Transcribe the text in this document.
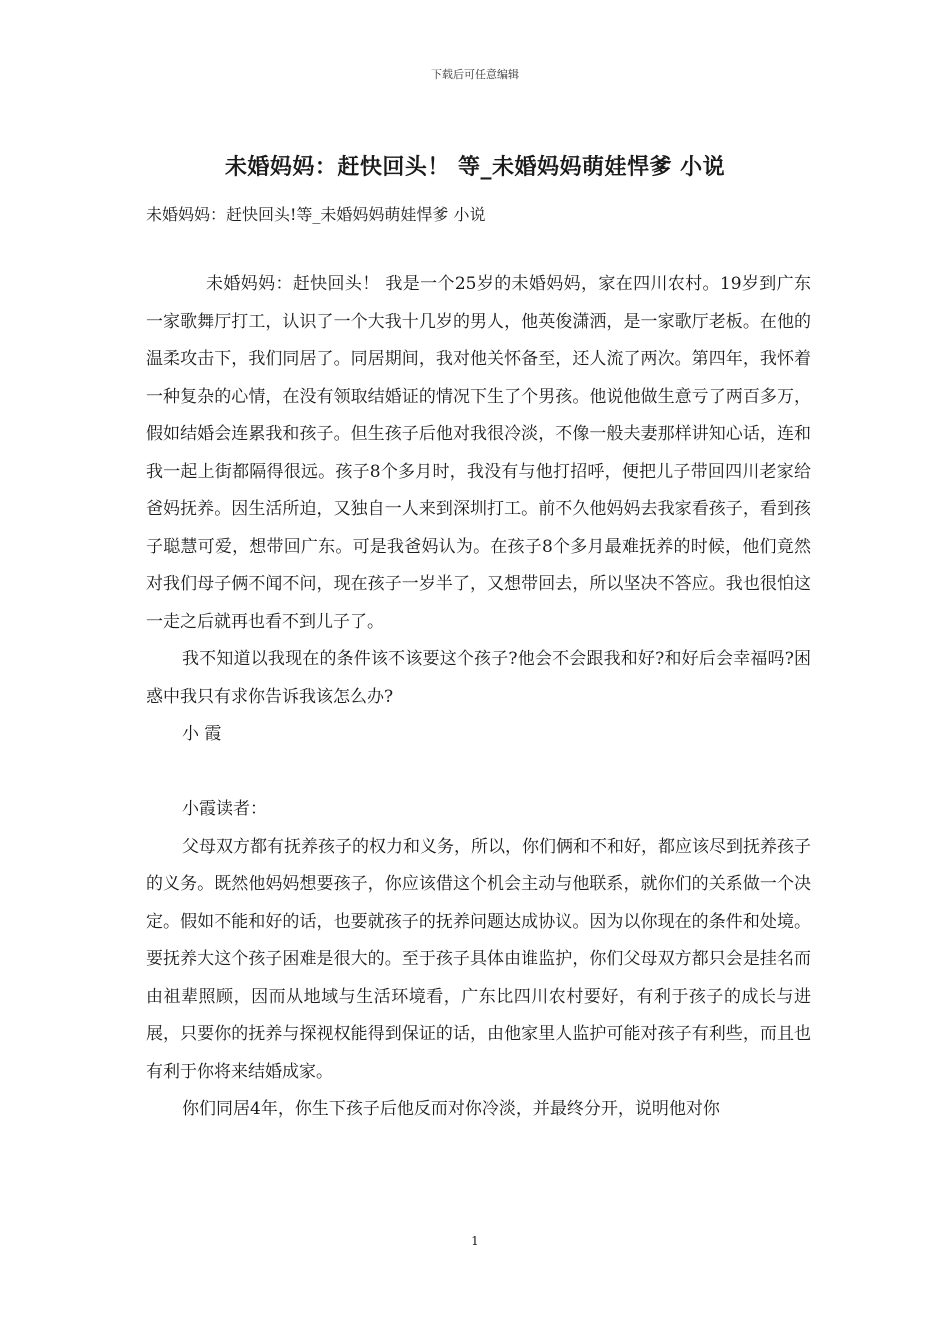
下载后可任意编辑
未婚妈妈：赶快回头！ 等_未婚妈妈萌娃悍爹 小说
未婚妈妈：赶快回头!等_未婚妈妈萌娃悍爹 小说

未婚妈妈：赶快回头！ 我是一个25岁的未婚妈妈，家在四川农村。19岁到广东一家歌舞厅打工，认识了一个大我十几岁的男人，他英俊潇洒，是一家歌厅老板。在他的温柔攻击下，我们同居了。同居期间，我对他关怀备至，还人流了两次。第四年，我怀着一种复杂的心情，在没有领取结婚证的情况下生了个男孩。他说他做生意亏了两百多万，假如结婚会连累我和孩子。但生孩子后他对我很冷淡，不像一般夫妻那样讲知心话，连和我一起上街都隔得很远。孩子8个多月时，我没有与他打招呼，便把儿子带回四川老家给爸妈抚养。因生活所迫，又独自一人来到深圳打工。前不久他妈妈去我家看孩子，看到孩子聪慧可爱，想带回广东。可是我爸妈认为。在孩子8个多月最难抚养的时候，他们竟然对我们母子俩不闻不问，现在孩子一岁半了，又想带回去，所以坚决不答应。我也很怕这一走之后就再也看不到儿子了。

我不知道以我现在的条件该不该要这个孩子?他会不会跟我和好?和好后会幸福吗?困惑中我只有求你告诉我该怎么办?

小 霞

小霞读者：

父母双方都有抚养孩子的权力和义务，所以，你们俩和不和好，都应该尽到抚养孩子的义务。既然他妈妈想要孩子，你应该借这个机会主动与他联系，就你们的关系做一个决定。假如不能和好的话，也要就孩子的抚养问题达成协议。因为以你现在的条件和处境。要抚养大这个孩子困难是很大的。至于孩子具体由谁监护，你们父母双方都只会是挂名而由祖辈照顾，因而从地域与生活环境看，广东比四川农村要好，有利于孩子的成长与进展，只要你的抚养与探视权能得到保证的话，由他家里人监护可能对孩子有利些，而且也有利于你将来结婚成家。

你们同居4年，你生下孩子后他反而对你冷淡，并最终分开，说明他对你

1
